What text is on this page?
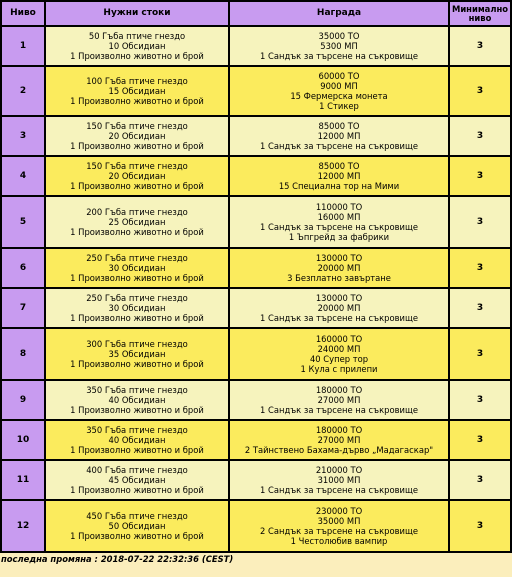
Ниво	Нужни стоки	Награда	Минимално ниво
1	50 Гъба птиче гнездо
10 Обсидиан
1 Произволно животно и брой	35000 TO
5300 МП
1 Сандък за търсене на съкровище	3
2	100 Гъба птиче гнездо
15 Обсидиан
1 Произволно животно и брой	60000 TO
9000 МП
15 Фермерска монета
1 Стикер	3
3	150 Гъба птиче гнездо
20 Обсидиан
1 Произволно животно и брой	85000 TO
12000 МП
1 Сандък за търсене на съкровище	3
4	150 Гъба птиче гнездо
20 Обсидиан
1 Произволно животно и брой	85000 TO
12000 МП
15 Специална тор на Мими	3
5	200 Гъба птиче гнездо
25 Обсидиан
1 Произволно животно и брой	110000 TO
16000 МП
1 Сандък за търсене на съкровище
1 Ъпгрейд за фабрики	3
6	250 Гъба птиче гнездо
30 Обсидиан
1 Произволно животно и брой	130000 TO
20000 МП
3 Безплатно завъртане	3
7	250 Гъба птиче гнездо
30 Обсидиан
1 Произволно животно и брой	130000 TO
20000 МП
1 Сандък за търсене на съкровище	3
8	300 Гъба птиче гнездо
35 Обсидиан
1 Произволно животно и брой	160000 TO
24000 МП
40 Супер тор
1 Кула с прилепи	3
9	350 Гъба птиче гнездо
40 Обсидиан
1 Произволно животно и брой	180000 TO
27000 МП
1 Сандък за търсене на съкровище	3
10	350 Гъба птиче гнездо
40 Обсидиан
1 Произволно животно и брой	180000 TO
27000 МП
2 Тайнствено Бахама-дърво „Мадагаскар"	3
11	400 Гъба птиче гнездо
45 Обсидиан
1 Произволно животно и брой	210000 TO
31000 МП
1 Сандък за търсене на съкровище	3
12	450 Гъба птиче гнездо
50 Обсидиан
1 Произволно животно и брой	230000 TO
35000 МП
2 Сандък за търсене на съкровище
1 Честолюбив вампир	3
последна промяна : 2018-07-22 22:32:36 (CEST)
